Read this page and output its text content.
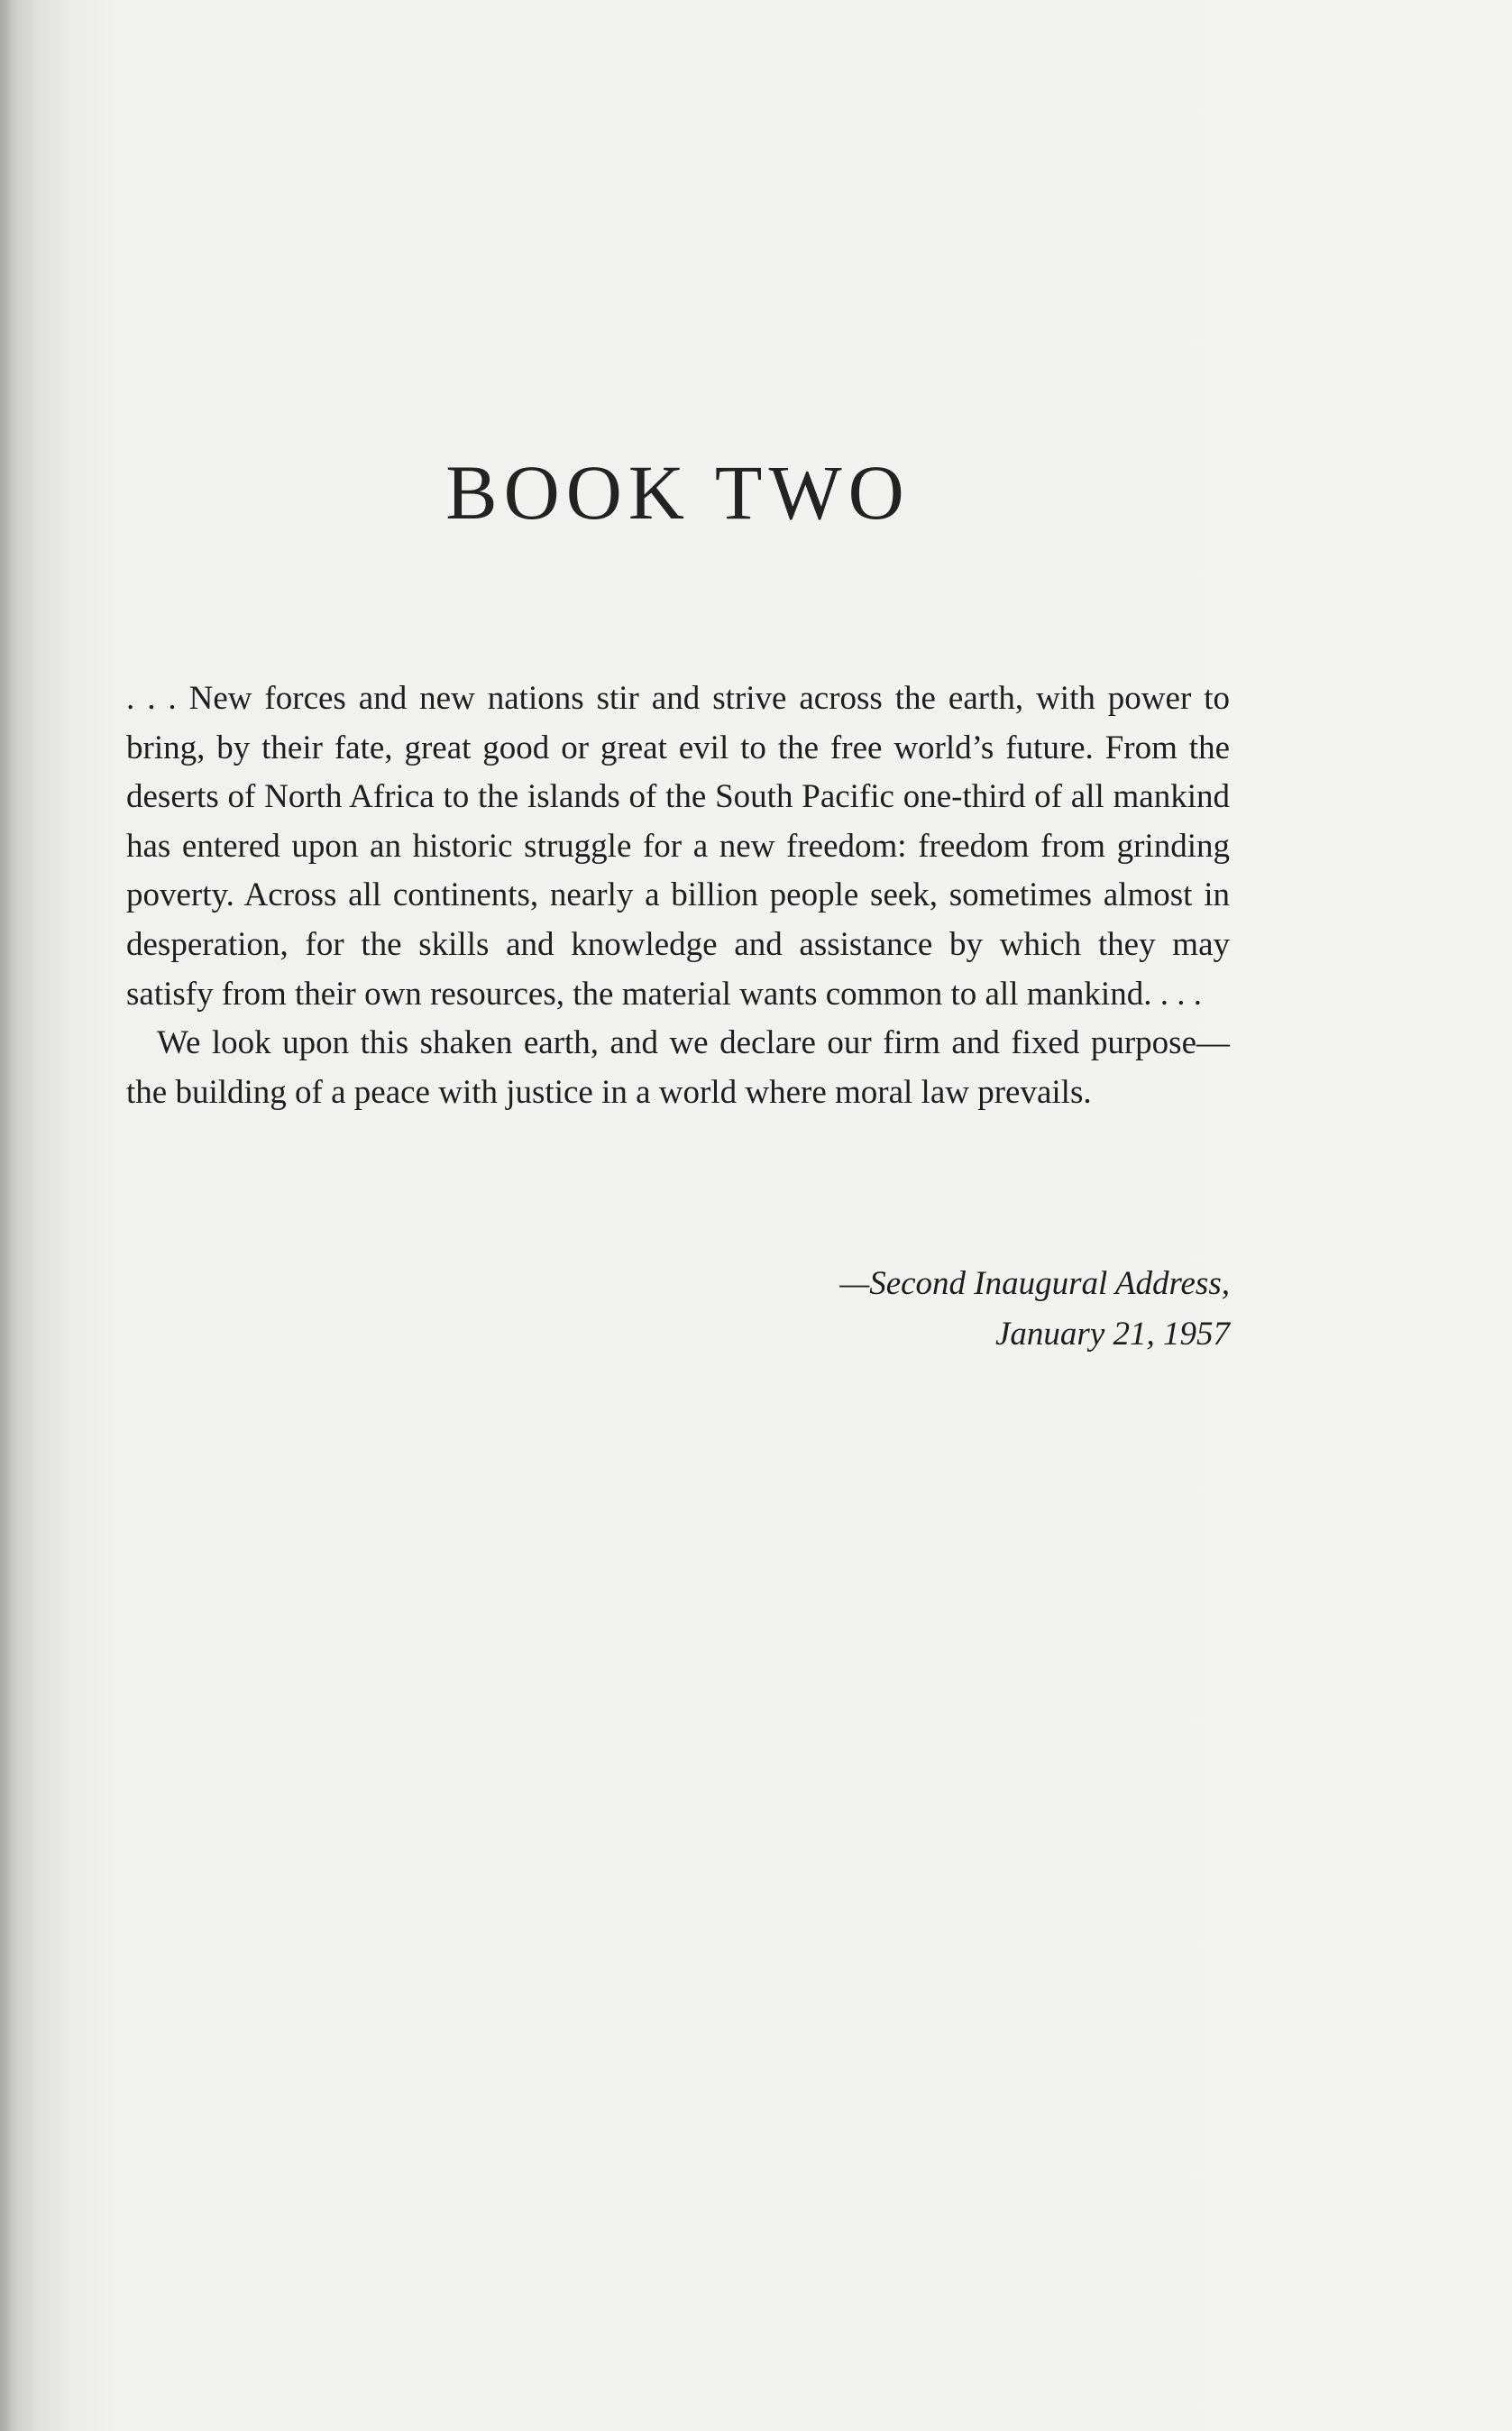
BOOK TWO

. . . New forces and new nations stir and strive across the earth, with power to bring, by their fate, great good or great evil to the free world’s future. From the deserts of North Africa to the islands of the South Pacific one-third of all mankind has entered upon an historic struggle for a new freedom: freedom from grinding poverty. Across all continents, nearly a billion people seek, sometimes almost in desperation, for the skills and knowledge and assistance by which they may satisfy from their own resources, the material wants common to all mankind. . . .

We look upon this shaken earth, and we declare our firm and fixed purpose—the building of a peace with justice in a world where moral law prevails.

—Second Inaugural Address,
January 21, 1957
